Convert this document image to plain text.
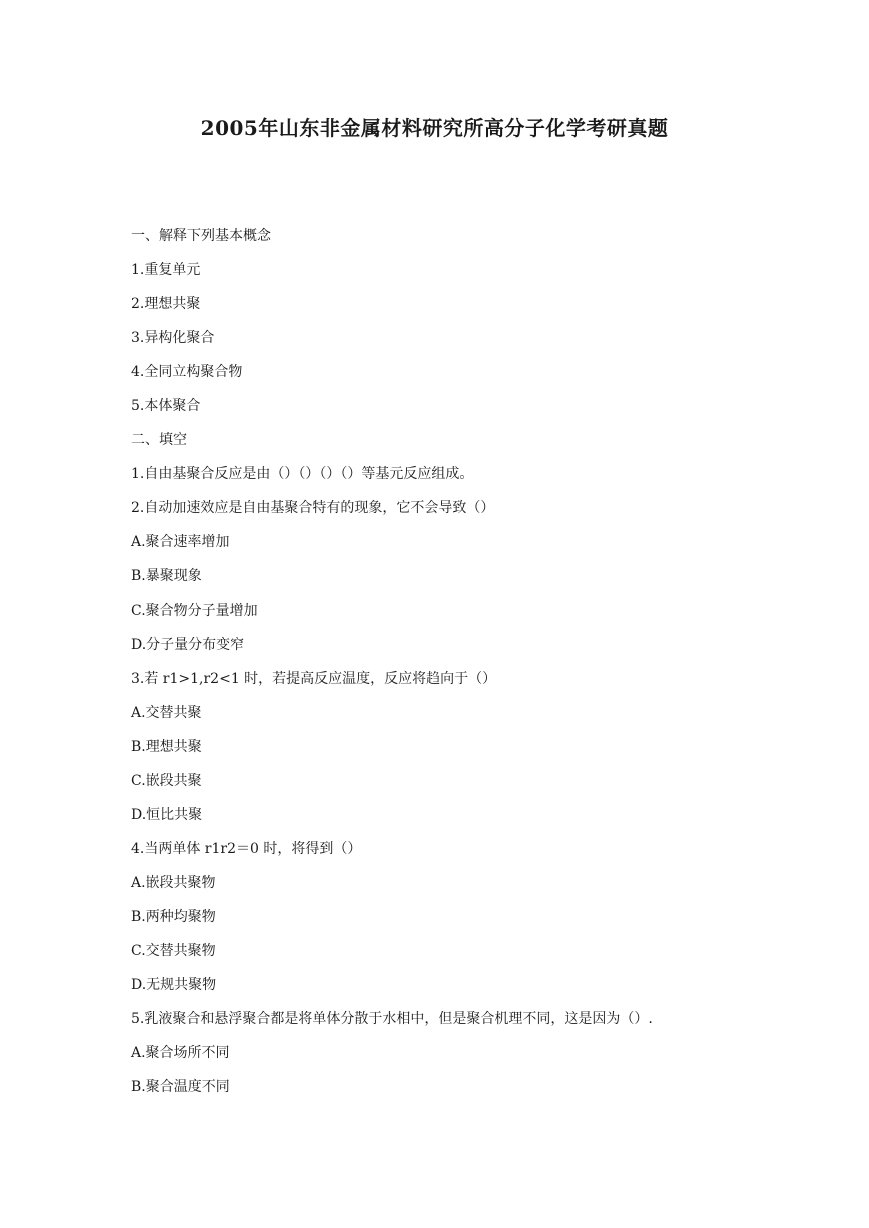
2005年山东非金属材料研究所高分子化学考研真题
一、解释下列基本概念
1.重复单元
2.理想共聚
3.异构化聚合
4.全同立构聚合物
5.本体聚合
二、填空
1.自由基聚合反应是由（）（）（）（）等基元反应组成。
2.自动加速效应是自由基聚合特有的现象，它不会导致（）
A.聚合速率增加
B.暴聚现象
C.聚合物分子量增加
D.分子量分布变窄
3.若 r1>1,r2<1 时，若提高反应温度，反应将趋向于（）
A.交替共聚
B.理想共聚
C.嵌段共聚
D.恒比共聚
4.当两单体 r1r2＝0 时，将得到（）
A.嵌段共聚物
B.两种均聚物
C.交替共聚物
D.无规共聚物
5.乳液聚合和悬浮聚合都是将单体分散于水相中，但是聚合机理不同，这是因为（）.
A.聚合场所不同
B.聚合温度不同
